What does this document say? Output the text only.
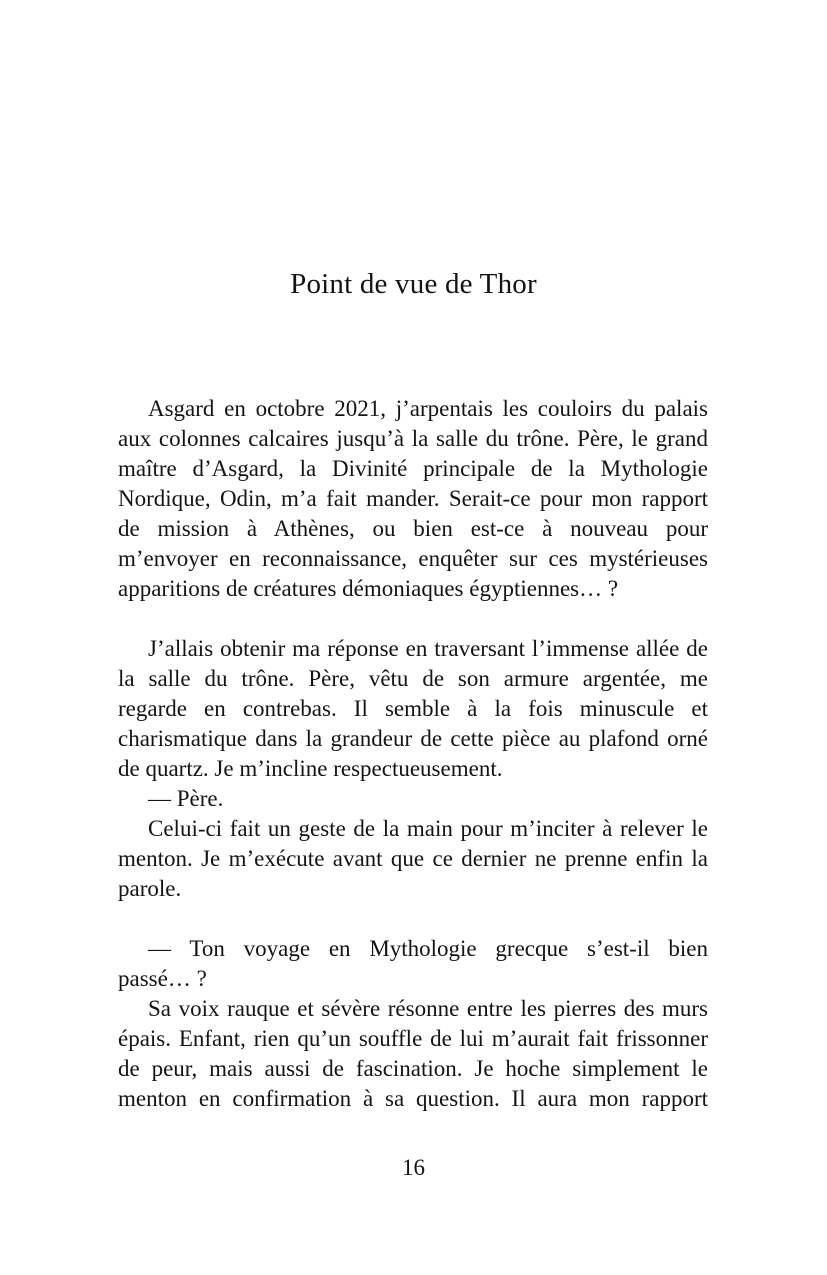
Point de vue de Thor
Asgard en octobre 2021, j’arpentais les couloirs du palais
aux colonnes calcaires jusqu’à la salle du trône. Père, le grand
maître d’Asgard, la Divinité principale de la Mythologie
Nordique, Odin, m’a fait mander. Serait-ce pour mon rapport
de mission à Athènes, ou bien est-ce à nouveau pour
m’envoyer en reconnaissance, enquêter sur ces mystérieuses
apparitions de créatures démoniaques égyptiennes… ?
J’allais obtenir ma réponse en traversant l’immense allée de
la salle du trône. Père, vêtu de son armure argentée, me
regarde en contrebas. Il semble à la fois minuscule et
charismatique dans la grandeur de cette pièce au plafond orné
de quartz. Je m’incline respectueusement.
— Père.
Celui-ci fait un geste de la main pour m’inciter à relever le
menton. Je m’exécute avant que ce dernier ne prenne enfin la
parole.
— Ton voyage en Mythologie grecque s’est-il bien
passé… ?
Sa voix rauque et sévère résonne entre les pierres des murs
épais. Enfant, rien qu’un souffle de lui m’aurait fait frissonner
de peur, mais aussi de fascination. Je hoche simplement le
menton en confirmation à sa question. Il aura mon rapport
16
